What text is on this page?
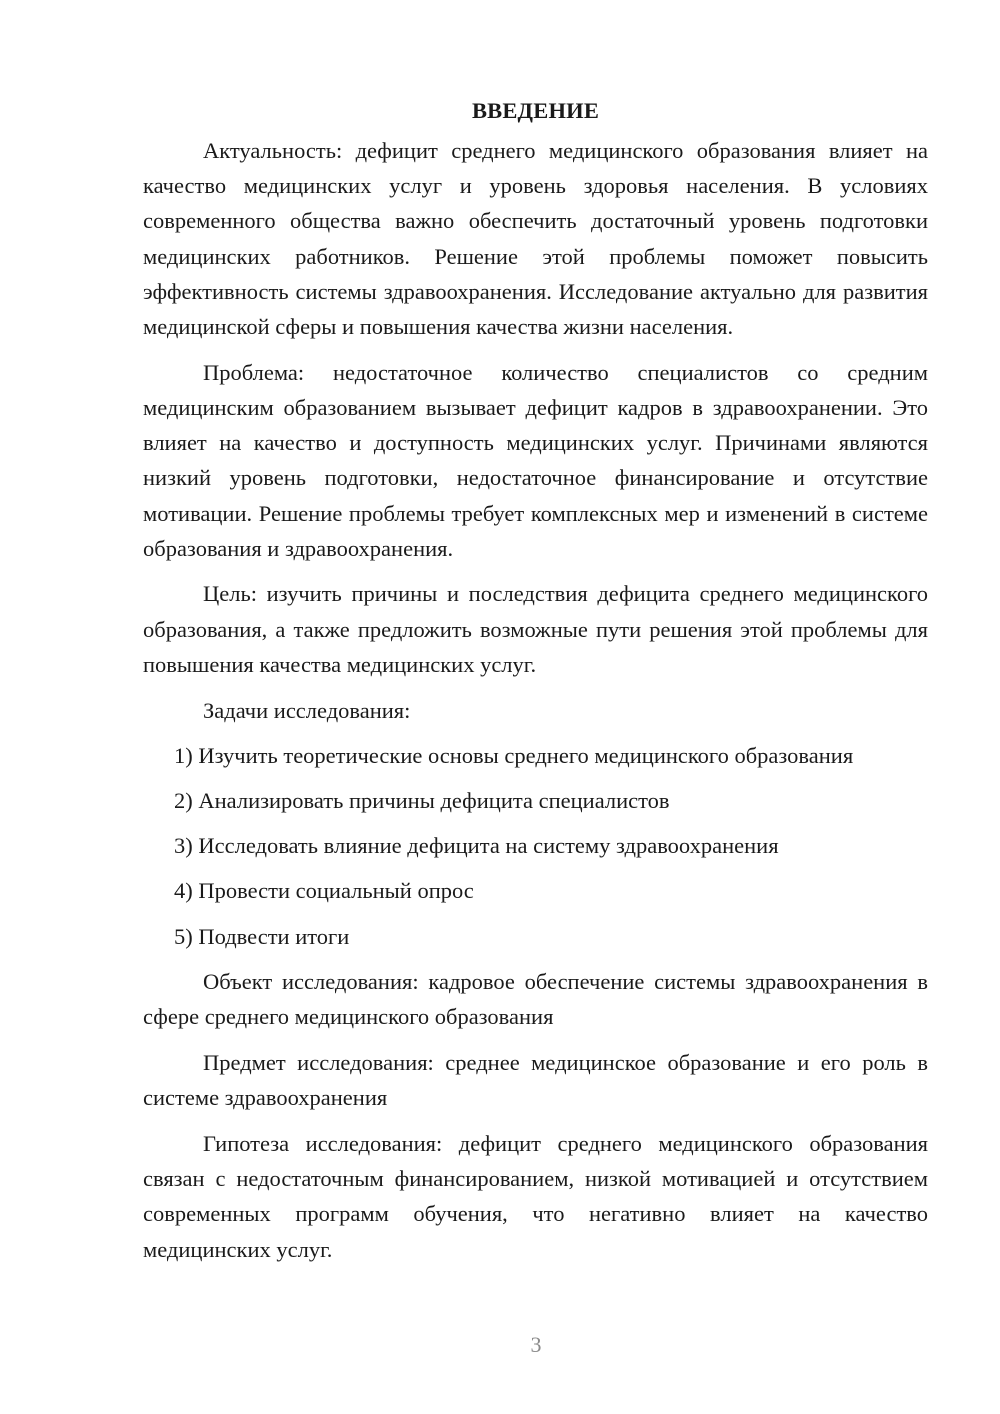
ВВЕДЕНИЕ

Актуальность: дефицит среднего медицинского образования влияет на качество медицинских услуг и уровень здоровья населения. В условиях современного общества важно обеспечить достаточный уровень подготовки медицинских работников. Решение этой проблемы поможет повысить эффективность системы здравоохранения. Исследование актуально для развития медицинской сферы и повышения качества жизни населения.

Проблема: недостаточное количество специалистов со средним медицинским образованием вызывает дефицит кадров в здравоохранении. Это влияет на качество и доступность медицинских услуг. Причинами являются низкий уровень подготовки, недостаточное финансирование и отсутствие мотивации. Решение проблемы требует комплексных мер и изменений в системе образования и здравоохранения.

Цель: изучить причины и последствия дефицита среднего медицинского образования, а также предложить возможные пути решения этой проблемы для повышения качества медицинских услуг.

Задачи исследования:

1) Изучить теоретические основы среднего медицинского образования
2) Анализировать причины дефицита специалистов
3) Исследовать влияние дефицита на систему здравоохранения
4) Провести социальный опрос
5) Подвести итоги

Объект исследования: кадровое обеспечение системы здравоохранения в сфере среднего медицинского образования

Предмет исследования: среднее медицинское образование и его роль в системе здравоохранения

Гипотеза исследования: дефицит среднего медицинского образования связан с недостаточным финансированием, низкой мотивацией и отсутствием современных программ обучения, что негативно влияет на качество медицинских услуг.

3
